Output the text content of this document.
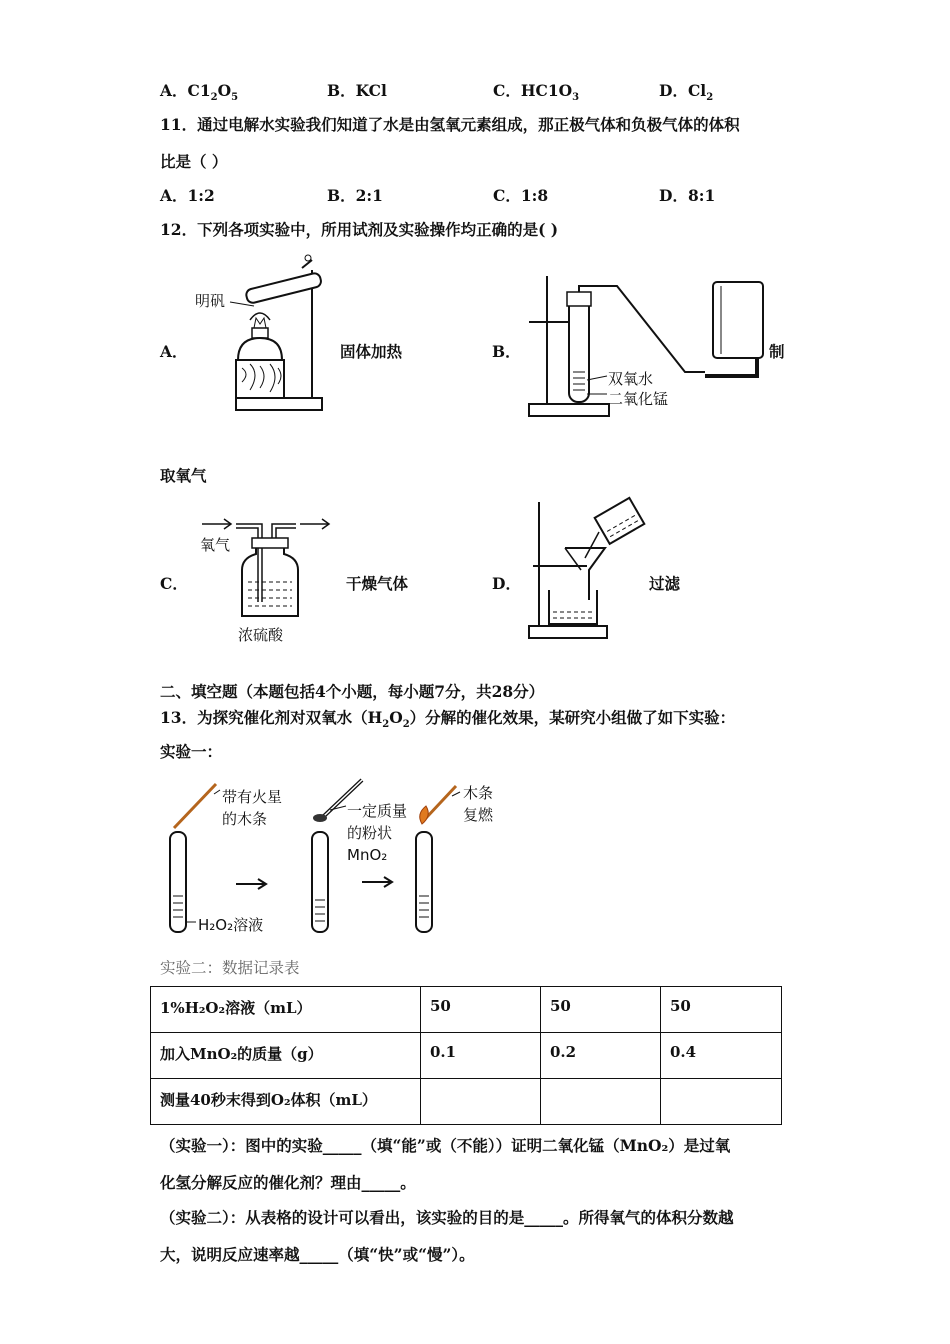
A．$C1_2O_5$	B．KCl	C．$HC1O_3$	D．$Cl_2$
11．通过电解水实验我们知道了水是由氢氧元素组成，那正极气体和负极气体的体积
比是（ ）
A．1:2	B．2:1	C．1:8	D．8:1
12．下列各项实验中，所用试剂及实验操作均正确的是( )
A．
明矾
固体加热	B．
双氧水
二氧化锰
制
取氧气
C．
氧气
浓硫酸
干燥气体	D．	过滤
二、填空题（本题包括4个小题，每小题7分，共28分）
13．为探究催化剂对双氧水$(H_2O_2)$分解的催化效果，某研究小组做了如下实验：
实验一：
带有火星
的木条
H₂O₂溶液
一定质量
的粉状
MnO₂
木条
复燃
实验二：数据记录表
1%H₂O₂溶液（mL）	50	50	50
加入MnO₂的质量（g）	0.1	0.2	0.4
测量40秒末得到O₂体积（mL）			
（实验一）：图中的实验_____（填“能”或（不能））证明二氧化锰（MnO₂）是过氧
化氢分解反应的催化剂？理由_____。
（实验二）：从表格的设计可以看出，该实验的目的是_____。所得氧气的体积分数越
大，说明反应速率越_____（填“快”或“慢”）。
